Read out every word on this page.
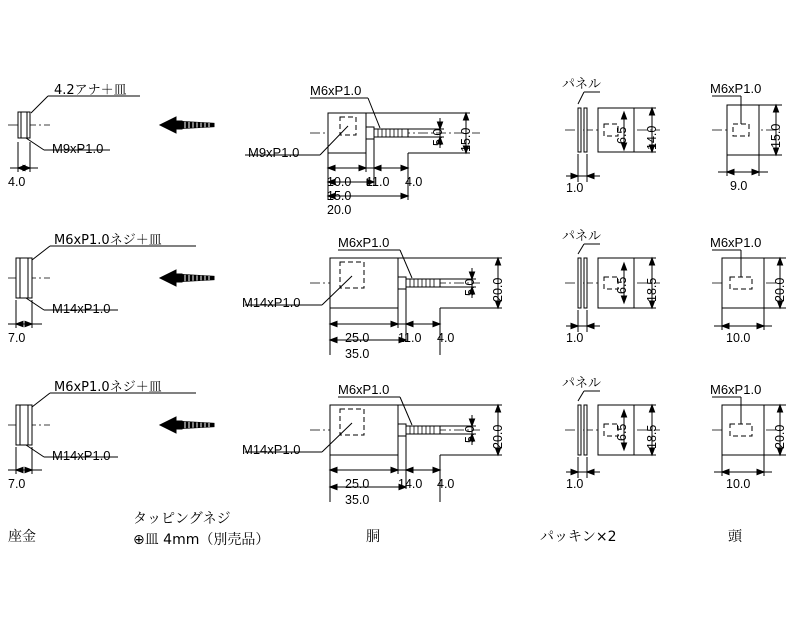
4.2アナ＋皿
M9xP1.0
4.0
M6xP1.0
M9xP1.0
10.0 11.0 4.0
15.0
20.0
5.0 15.0
パネル
1.0
6.5 14.0
M6xP1.0
15.0
9.0
M6xP1.0ネジ＋皿
M14xP1.0
7.0
M6xP1.0
M14xP1.0
25.0 11.0 4.0
35.0
5.0 20.0
パネル
1.0
6.5 18.5
M6xP1.0
20.0
10.0
M6xP1.0ネジ＋皿
M14xP1.0
7.0
M6xP1.0
M14xP1.0
25.0 14.0 4.0
35.0
5.0 20.0
パネル
1.0
6.5 18.5
M6xP1.0
20.0
10.0
座金
タッピングネジ
⊕皿 4mm（別売品）	胴	パッキン×2	頭
